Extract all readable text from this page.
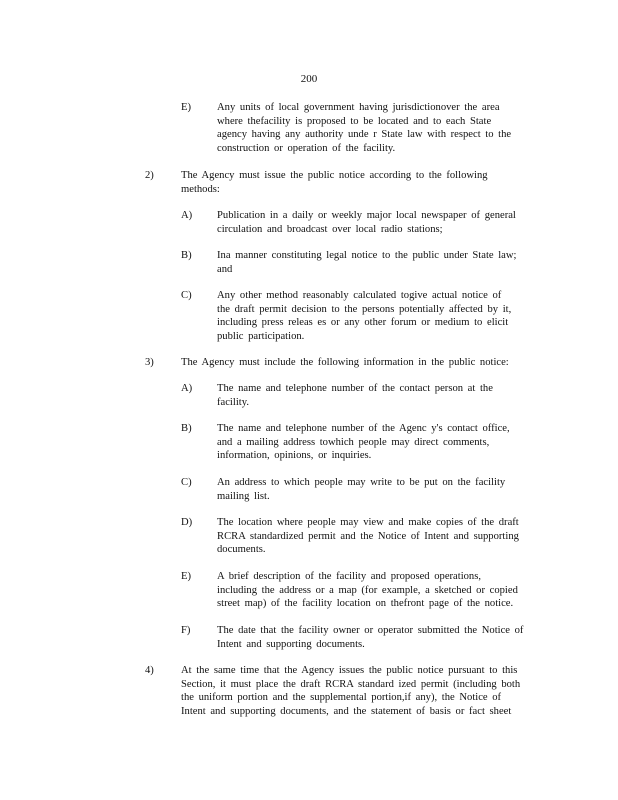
200
E)	Any units of local government having jurisdictionover the area
where thefacility is proposed to be located and to each State
agency having any authority unde r State law with respect to the
construction or operation of the facility.
2)	The Agency must issue the public notice according to the following
methods:
A)	Publication in a daily or weekly major local newspaper of general
circulation and broadcast over local radio stations;
B)	Ina manner constituting legal notice to the public under State law;
and
C)	Any other method reasonably calculated togive actual notice of
the draft permit decision to the persons potentially affected by it,
including press releas es or any other forum or medium to elicit
public participation.
3)	The Agency must include the following information in the public notice:
A)	The name and telephone number of the contact person at the
facility.
B)	The name and telephone number of the Agenc y's contact office,
and a mailing address towhich people may direct comments,
information, opinions, or inquiries.
C)	An address to which people may write to be put on the facility
mailing list.
D)	The location where people may view and make copies of the draft
RCRA standardized permit and the Notice of Intent and supporting
documents.
E)	A brief description of the facility and proposed operations,
including the address or a map (for example, a sketched or copied
street map) of the facility location on thefront page of the notice.
F)	The date that the facility owner or operator submitted the Notice of
Intent and supporting documents.
4)	At the same time that the Agency issues the public notice pursuant to this
Section, it must place the draft RCRA standard ized permit (including both
the uniform portion and the supplemental portion,if any), the Notice of
Intent and supporting documents, and the statement of basis or fact sheet
